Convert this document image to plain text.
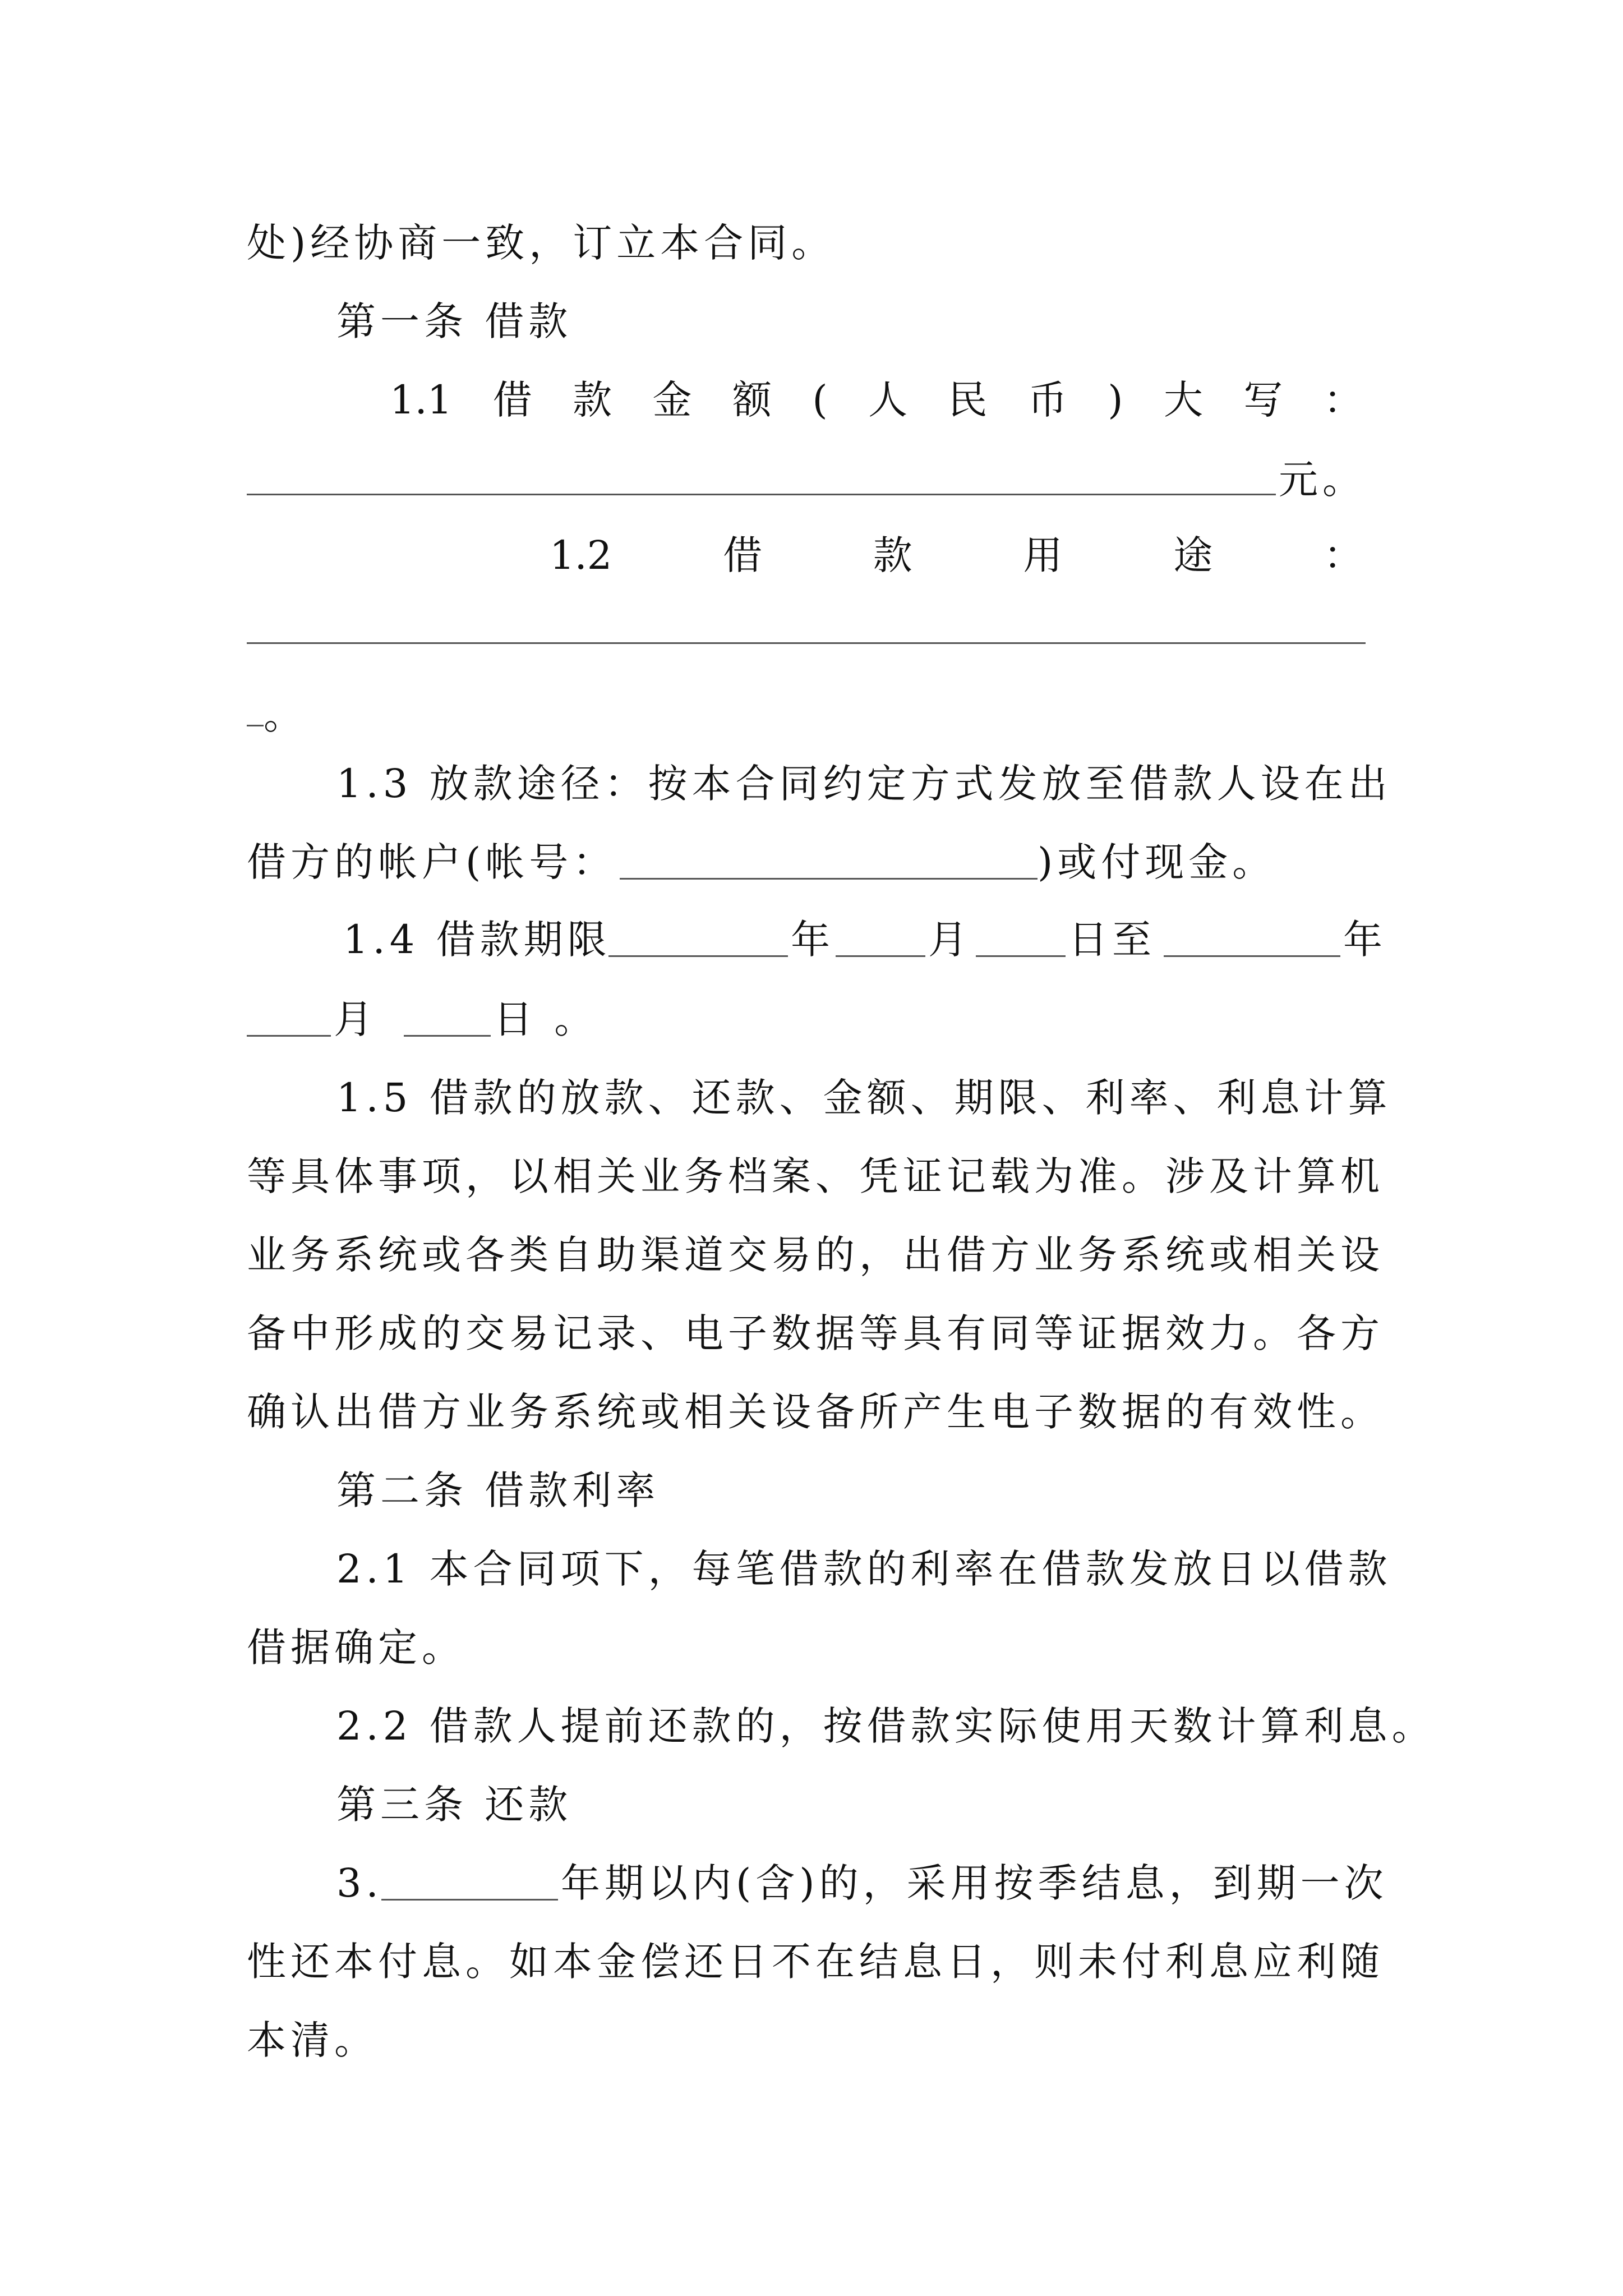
处)经协商一致，订立本合同。
第一条 借款
1.1 借 款 金 额 ( 人 民 币 ) 大 写 ：
元。
1.2	借	款	用	途	：
。
1.3 放款途径：按本合同约定方式发放至借款人设在出
借方的帐户(帐号：	)或付现金。
1.4 借款期限	年 月 日至	年
月	日 。
1.5 借款的放款、还款、金额、期限、利率、利息计算
等具体事项，以相关业务档案、凭证记载为准。涉及计算机
业务系统或各类自助渠道交易的，出借方业务系统或相关设
备中形成的交易记录、电子数据等具有同等证据效力。各方
确认出借方业务系统或相关设备所产生电子数据的有效性。
第二条 借款利率
2.1 本合同项下，每笔借款的利率在借款发放日以借款
借据确定。
2.2 借款人提前还款的，按借款实际使用天数计算利息。
第三条 还款
3.	年期以内(含)的，采用按季结息，到期一次
性还本付息。如本金偿还日不在结息日，则未付利息应利随
本清。
